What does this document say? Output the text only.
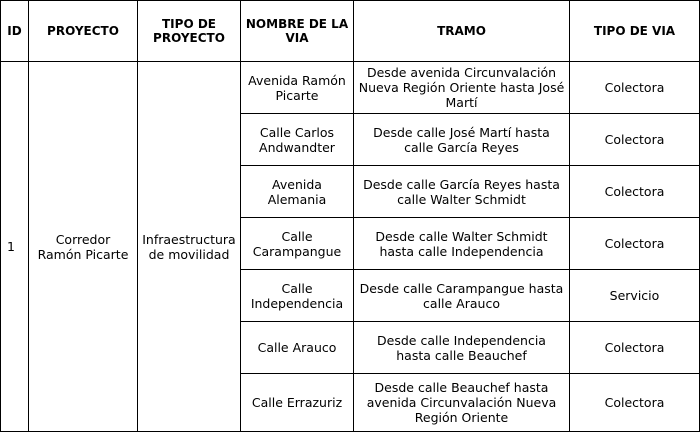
ID	PROYECTO	TIPO DE PROYECTO	NOMBRE DE LA VIA	TRAMO	TIPO DE VIA
1	Corredor Ramón Picarte	Infraestructura de movilidad	Avenida Ramón Picarte	Desde avenida Circunvalación Nueva Región Oriente hasta José Martí	Colectora
			Calle Carlos Andwandter	Desde calle José Martí hasta calle García Reyes	Colectora
			Avenida Alemania	Desde calle García Reyes hasta calle Walter Schmidt	Colectora
			Calle Carampangue	Desde calle Walter Schmidt hasta calle Independencia	Colectora
			Calle Independencia	Desde calle Carampangue hasta calle Arauco	Servicio
			Calle Arauco	Desde calle Independencia hasta calle Beauchef	Colectora
			Calle Errazuriz	Desde calle Beauchef hasta avenida Circunvalación Nueva Región Oriente	Colectora
